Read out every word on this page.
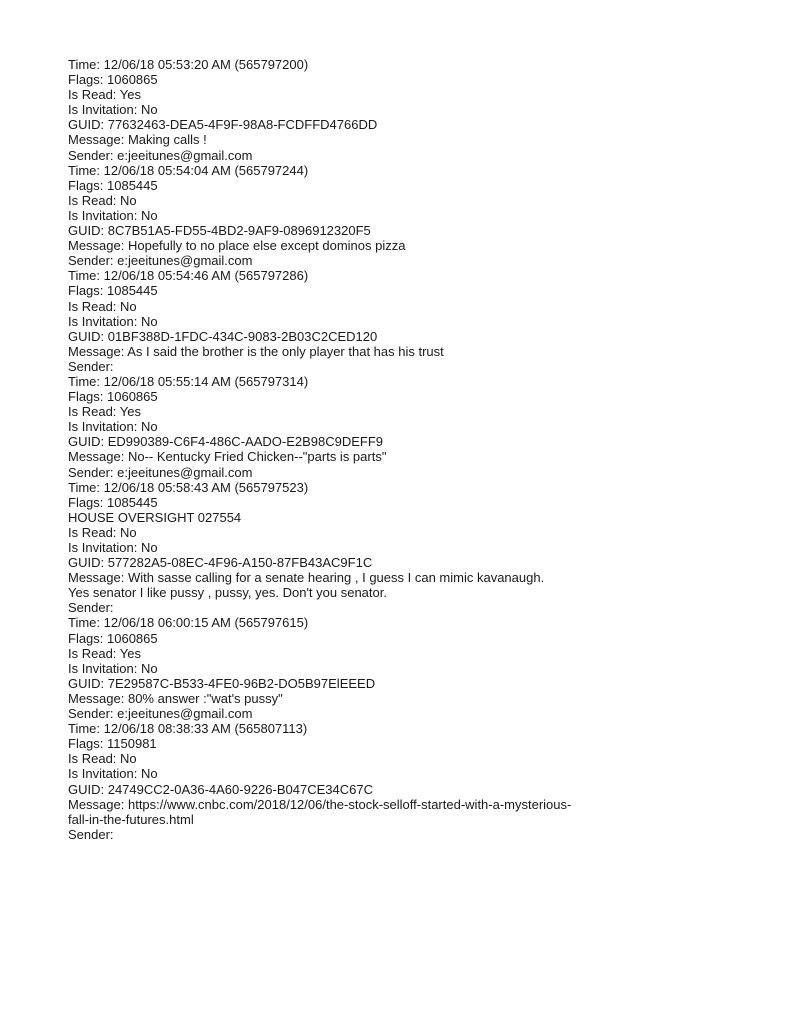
Time: 12/06/18 05:53:20 AM (565797200)
Flags: 1060865
Is Read: Yes
Is Invitation: No
GUID: 77632463-DEA5-4F9F-98A8-FCDFFD4766DD
Message: Making calls !
Sender: e:jeeitunes@gmail.com
Time: 12/06/18 05:54:04 AM (565797244)
Flags: 1085445
Is Read: No
Is Invitation: No
GUID: 8C7B51A5-FD55-4BD2-9AF9-0896912320F5
Message: Hopefully to no place else except dominos pizza
Sender: e:jeeitunes@gmail.com
Time: 12/06/18 05:54:46 AM (565797286)
Flags: 1085445
Is Read: No
Is Invitation: No
GUID: 01BF388D-1FDC-434C-9083-2B03C2CED120
Message: As I said the brother is the only player that has his trust
Sender:
Time: 12/06/18 05:55:14 AM (565797314)
Flags: 1060865
Is Read: Yes
Is Invitation: No
GUID: ED990389-C6F4-486C-AADO-E2B98C9DEFF9
Message: No-- Kentucky Fried Chicken--"parts is parts"
Sender: e:jeeitunes@gmail.com
Time: 12/06/18 05:58:43 AM (565797523)
Flags: 1085445
HOUSE OVERSIGHT 027554
Is Read: No
Is Invitation: No
GUID: 577282A5-08EC-4F96-A150-87FB43AC9F1C
Message: With sasse calling for a senate hearing , I guess I can mimic kavanaugh.
Yes senator I like pussy , pussy, yes. Don't you senator.
Sender:
Time: 12/06/18 06:00:15 AM (565797615)
Flags: 1060865
Is Read: Yes
Is Invitation: No
GUID: 7E29587C-B533-4FE0-96B2-DO5B97ElEEED
Message: 80% answer :"wat's pussy"
Sender: e:jeeitunes@gmail.com
Time: 12/06/18 08:38:33 AM (565807113)
Flags: 1150981
Is Read: No
Is Invitation: No
GUID: 24749CC2-0A36-4A60-9226-B047CE34C67C
Message: https://www.cnbc.com/2018/12/06/the-stock-selloff-started-with-a-mysterious-
fall-in-the-futures.html
Sender:
